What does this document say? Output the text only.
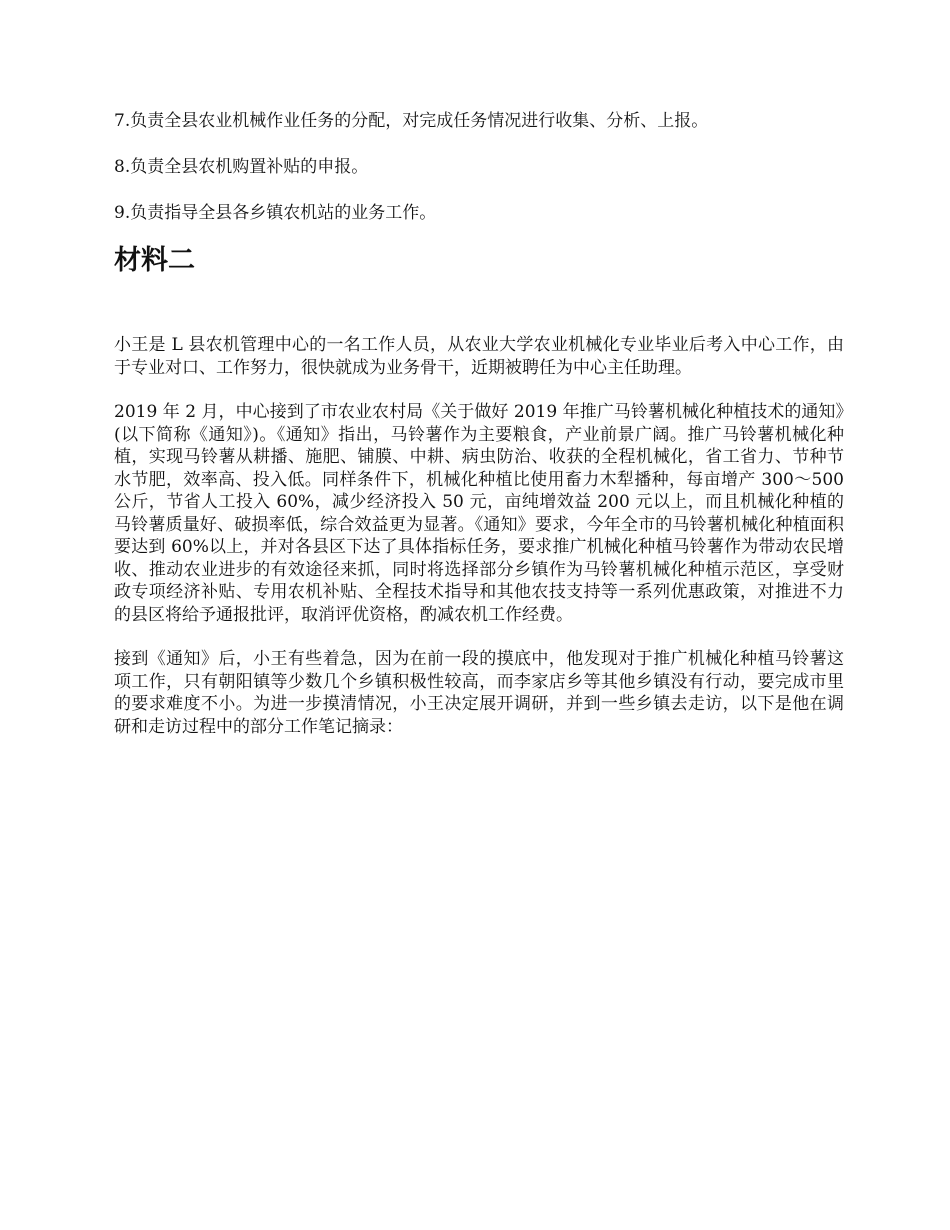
7.负责全县农业机械作业任务的分配，对完成任务情况进行收集、分析、上报。

8.负责全县农机购置补贴的申报。

9.负责指导全县各乡镇农机站的业务工作。

材料二

小王是 L 县农机管理中心的一名工作人员，从农业大学农业机械化专业毕业后考入中心工作，由于专业对口、工作努力，很快就成为业务骨干，近期被聘任为中心主任助理。

2019 年 2 月，中心接到了市农业农村局《关于做好 2019 年推广马铃薯机械化种植技术的通知》(以下简称《通知》)。《通知》指出，马铃薯作为主要粮食，产业前景广阔。推广马铃薯机械化种植，实现马铃薯从耕播、施肥、铺膜、中耕、病虫防治、收获的全程机械化，省工省力、节种节水节肥，效率高、投入低。同样条件下，机械化种植比使用畜力木犁播种，每亩增产 300～500 公斤，节省人工投入 60%，减少经济投入 50 元，亩纯增效益 200 元以上，而且机械化种植的马铃薯质量好、破损率低，综合效益更为显著。《通知》要求，今年全市的马铃薯机械化种植面积要达到 60%以上，并对各县区下达了具体指标任务，要求推广机械化种植马铃薯作为带动农民增收、推动农业进步的有效途径来抓，同时将选择部分乡镇作为马铃薯机械化种植示范区，享受财政专项经济补贴、专用农机补贴、全程技术指导和其他农技支持等一系列优惠政策，对推进不力的县区将给予通报批评，取消评优资格，酌减农机工作经费。

接到《通知》后，小王有些着急，因为在前一段的摸底中，他发现对于推广机械化种植马铃薯这项工作，只有朝阳镇等少数几个乡镇积极性较高，而李家店乡等其他乡镇没有行动，要完成市里的要求难度不小。为进一步摸清情况，小王决定展开调研，并到一些乡镇去走访，以下是他在调研和走访过程中的部分工作笔记摘录：
